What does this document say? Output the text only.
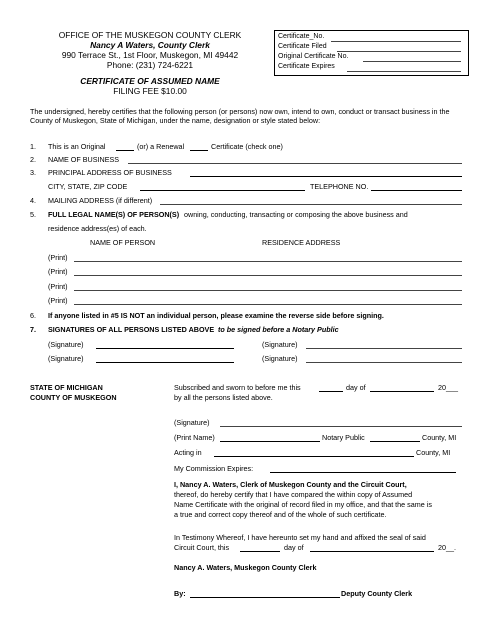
OFFICE OF THE MUSKEGON COUNTY CLERK
Nancy A Waters, County Clerk
990 Terrace St., 1st Floor, Muskegon, MI 49442
Phone: (231) 724-6221
CERTIFICATE OF ASSUMED NAME
FILING FEE $10.00
Certificate_No.
Certificate Filed
Original Certificate No.
Certificate Expires
The undersigned, hereby certifies that the following person (or persons) now own, intend to own, conduct or transact business in the County of Muskegon, State of Michigan, under the name, designation or style stated below:
1. This is an Original	(or) a Renewal	Certificate (check one)
2. NAME OF BUSINESS
3. PRINCIPAL ADDRESS OF BUSINESS
CITY, STATE, ZIP CODE	TELEPHONE NO.
4. MAILING ADDRESS (if different)
5. FULL LEGAL NAME(S) OF PERSON(S) owning, conducting, transacting or composing the above business and
residence address(es) of each.
NAME OF PERSON	RESIDENCE ADDRESS
(Print)
(Print)
(Print)
(Print)
6. If anyone listed in #5 IS NOT an individual person, please examine the reverse side before signing.
7. SIGNATURES OF ALL PERSONS LISTED ABOVE to be signed before a Notary Public
(Signature)	(Signature)
(Signature)	(Signature)
STATE OF MICHIGAN
COUNTY OF MUSKEGON
Subscribed and sworn to before me this	day of	20___
by all the persons listed above.
(Signature)
(Print Name)	Notary Public	County, MI
Acting in	County, MI
My Commission Expires:
I, Nancy A. Waters, Clerk of Muskegon County and the Circuit Court,
thereof, do hereby certify that I have compared the within copy of Assumed
Name Certificate with the original of record filed in my office, and that the same is
a true and correct copy thereof and of the whole of such certificate.
In Testimony Whereof, I have hereunto set my hand and affixed the seal of said
Circuit Court, this	day of	20__.
Nancy A. Waters, Muskegon County Clerk
By:	Deputy County Clerk
